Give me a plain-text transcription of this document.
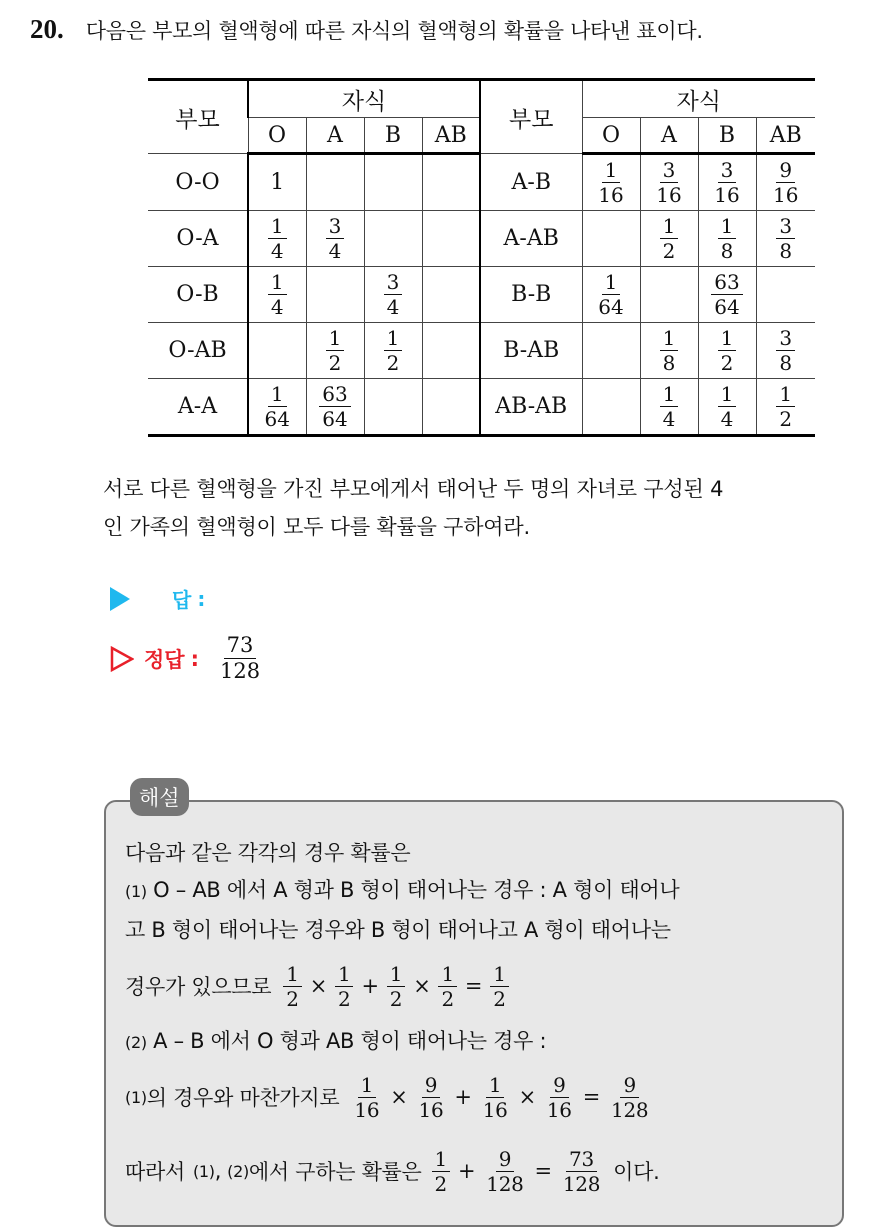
20. 다음은 부모의 혈액형에 따른 자식의 혈액형의 확률을 나타낸 표이다.
부모	자식				부모	자식			
	O	A	B	AB		O	A	B	AB
O-O	1				A-B	$\frac{1}{16}$	$\frac{3}{16}$	$\frac{3}{16}$	$\frac{9}{16}$

O-A	$\frac{1}{4}$	$\frac{3}{4}$			A-AB		$\frac{1}{2}$	$\frac{1}{8}$	$\frac{3}{8}$

O-B	$\frac{1}{4}$		$\frac{3}{4}$		B-B	$\frac{1}{64}$		$\frac{63}{64}$

O-AB		$\frac{1}{2}$	$\frac{1}{2}$		B-AB		$\frac{1}{8}$	$\frac{1}{2}$	$\frac{3}{8}$

A-A	$\frac{1}{64}$	$\frac{63}{64}$			AB-AB		$\frac{1}{4}$	$\frac{1}{4}$	$\frac{1}{2}$
서로 다른 혈액형을 가진 부모에게서 태어난 두 명의 자녀로 구성된 4
인 가족의 혈액형이 모두 다를 확률을 구하여라.
답 :
정답 : $\frac{73}{128}$
해설
다음과 같은 각각의 경우 확률은
(1) O – AB 에서 A 형과 B 형이 태어나는 경우 : A 형이 태어나
고 B 형이 태어나는 경우와 B 형이 태어나고 A 형이 태어나는
경우가 있으므로 $\frac{1}{2} \times \frac{1}{2} + \frac{1}{2} \times \frac{1}{2} = \frac{1}{2}$
(2) A – B 에서 O 형과 AB 형이 태어나는 경우 :
(1) 의 경우와 마찬가지로 $\frac{1}{16} \times \frac{9}{16} + \frac{1}{16} \times \frac{9}{16} = \frac{9}{128}$
따라서 (1) , (2) 에서 구하는 확률은 $\frac{1}{2} + \frac{9}{128} = \frac{73}{128}$ 이다.
